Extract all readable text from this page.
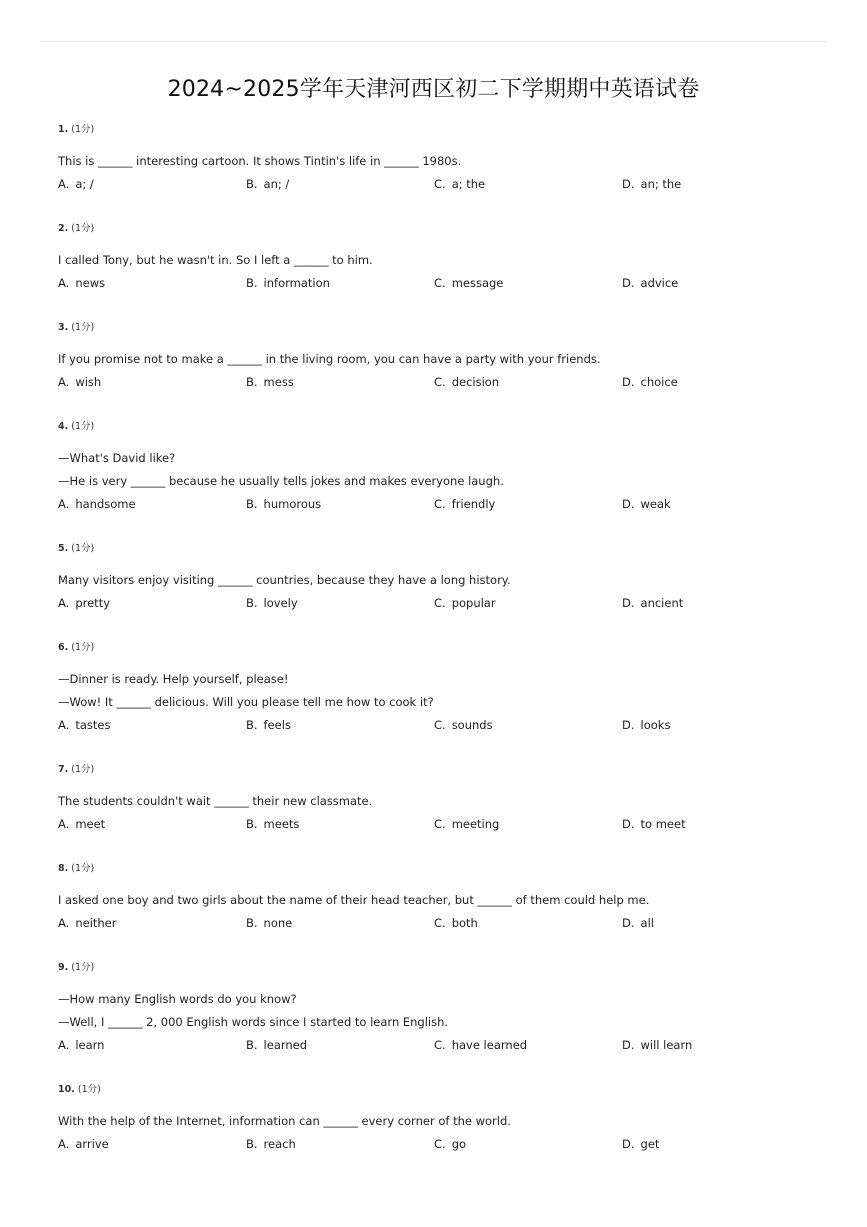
2024~2025学年天津河西区初二下学期期中英语试卷
1. (1分)
This is ______ interesting cartoon. It shows Tintin's life in ______ 1980s.
A. a; /	B. an; /	C. a; the	D. an; the
2. (1分)
I called Tony, but he wasn't in. So I left a ______ to him.
A. news	B. information	C. message	D. advice
3. (1分)
If you promise not to make a ______ in the living room, you can have a party with your friends.
A. wish	B. mess	C. decision	D. choice
4. (1分)
—What's David like?
—He is very ______ because he usually tells jokes and makes everyone laugh.
A. handsome	B. humorous	C. friendly	D. weak
5. (1分)
Many visitors enjoy visiting ______ countries, because they have a long history.
A. pretty	B. lovely	C. popular	D. ancient
6. (1分)
—Dinner is ready. Help yourself, please!
—Wow! It ______ delicious. Will you please tell me how to cook it?
A. tastes	B. feels	C. sounds	D. looks
7. (1分)
The students couldn't wait ______ their new classmate.
A. meet	B. meets	C. meeting	D. to meet
8. (1分)
I asked one boy and two girls about the name of their head teacher, but ______ of them could help me.
A. neither	B. none	C. both	D. all
9. (1分)
—How many English words do you know?
—Well, I ______ 2, 000 English words since I started to learn English.
A. learn	B. learned	C. have learned	D. will learn
10. (1分)
With the help of the Internet, information can ______ every corner of the world.
A. arrive	B. reach	C. go	D. get
